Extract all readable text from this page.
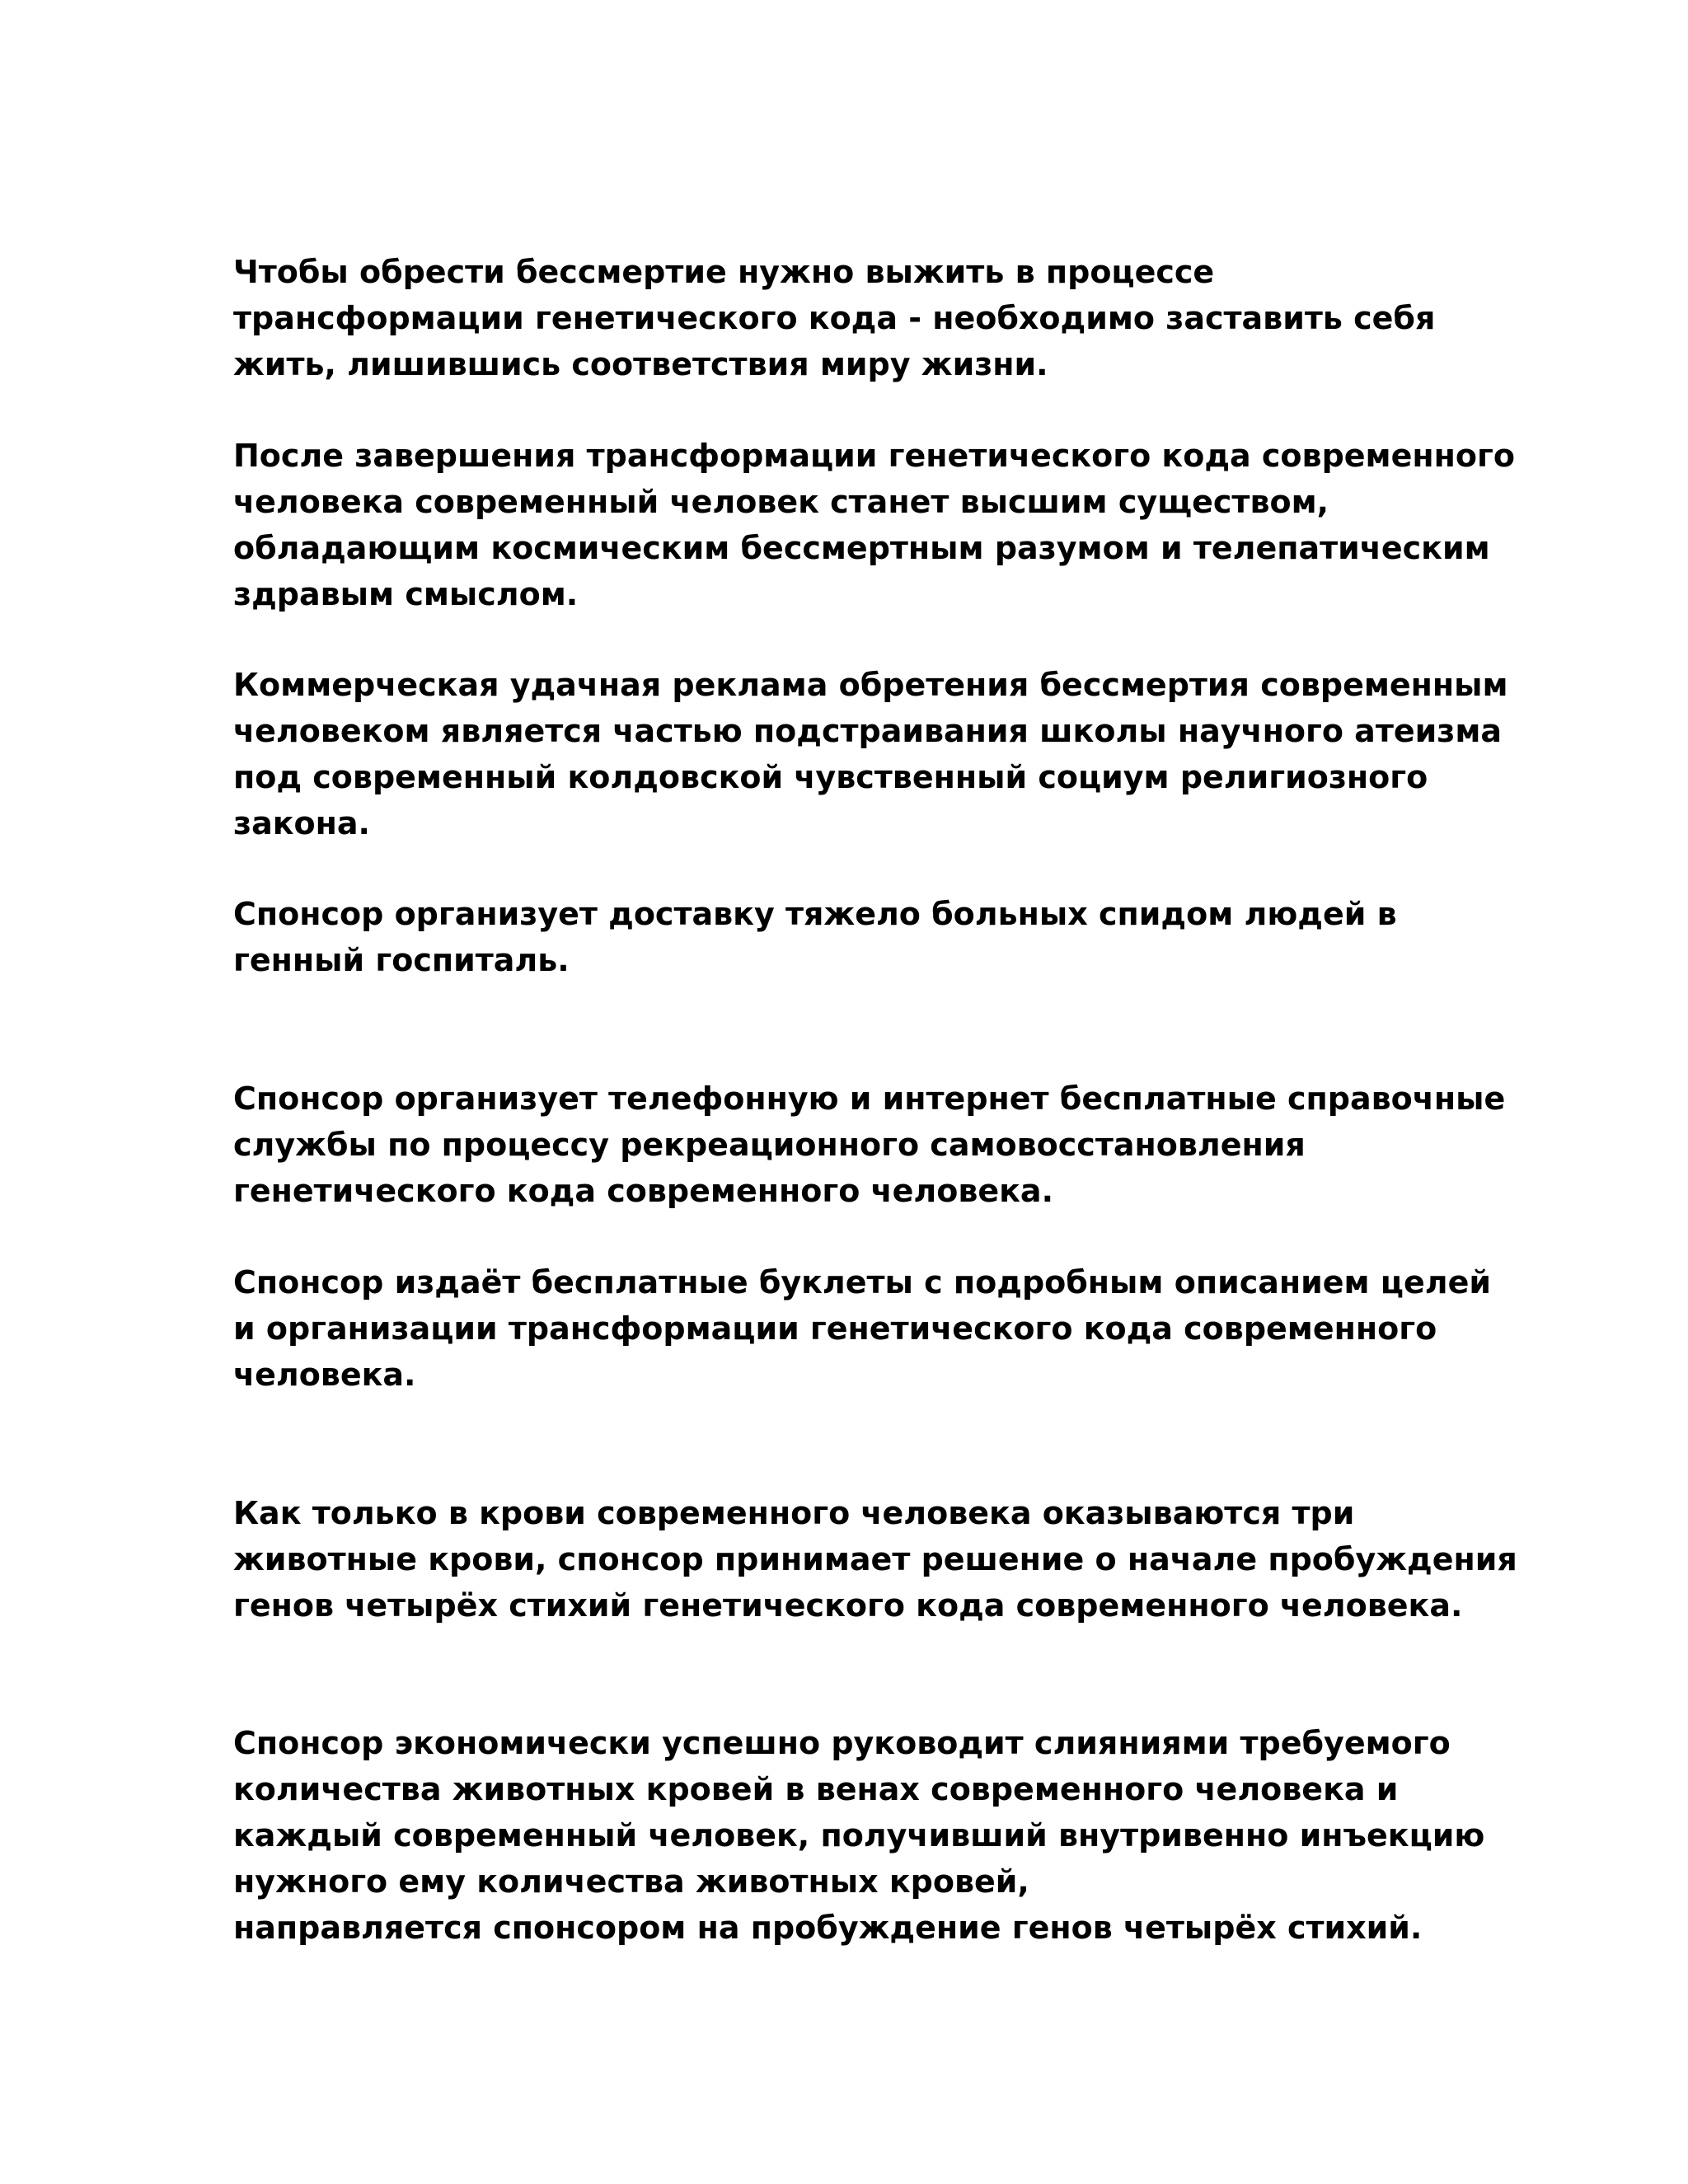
Чтобы обрести бессмертие нужно выжить в процессе
трансформации генетического кода - необходимо заставить себя
жить, лишившись соответствия миру жизни.

После завершения трансформации генетического кода современного
человека современный человек станет высшим существом,
обладающим космическим бессмертным разумом и телепатическим
здравым смыслом.

Коммерческая удачная реклама обретения бессмертия современным
человеком является частью подстраивания школы научного атеизма
под современный колдовской чувственный социум религиозного
закона.

Спонсор организует доставку тяжело больных спидом людей в
генный госпиталь.

Спонсор организует телефонную и интернет бесплатные справочные
службы по процессу рекреационного самовосстановления
генетического кода современного человека.

Спонсор издаёт бесплатные буклеты с подробным описанием целей
и организации трансформации генетического кода современного
человека.

Как только в крови современного человека оказываются три
животные крови, спонсор принимает решение о начале пробуждения
генов четырёх стихий генетического кода современного человека.

Спонсор экономически успешно руководит слияниями требуемого
количества животных кровей в венах современного человека и
каждый современный человек, получивший внутривенно инъекцию
нужного ему количества животных кровей,
направляется спонсором на пробуждение генов четырёх стихий.
